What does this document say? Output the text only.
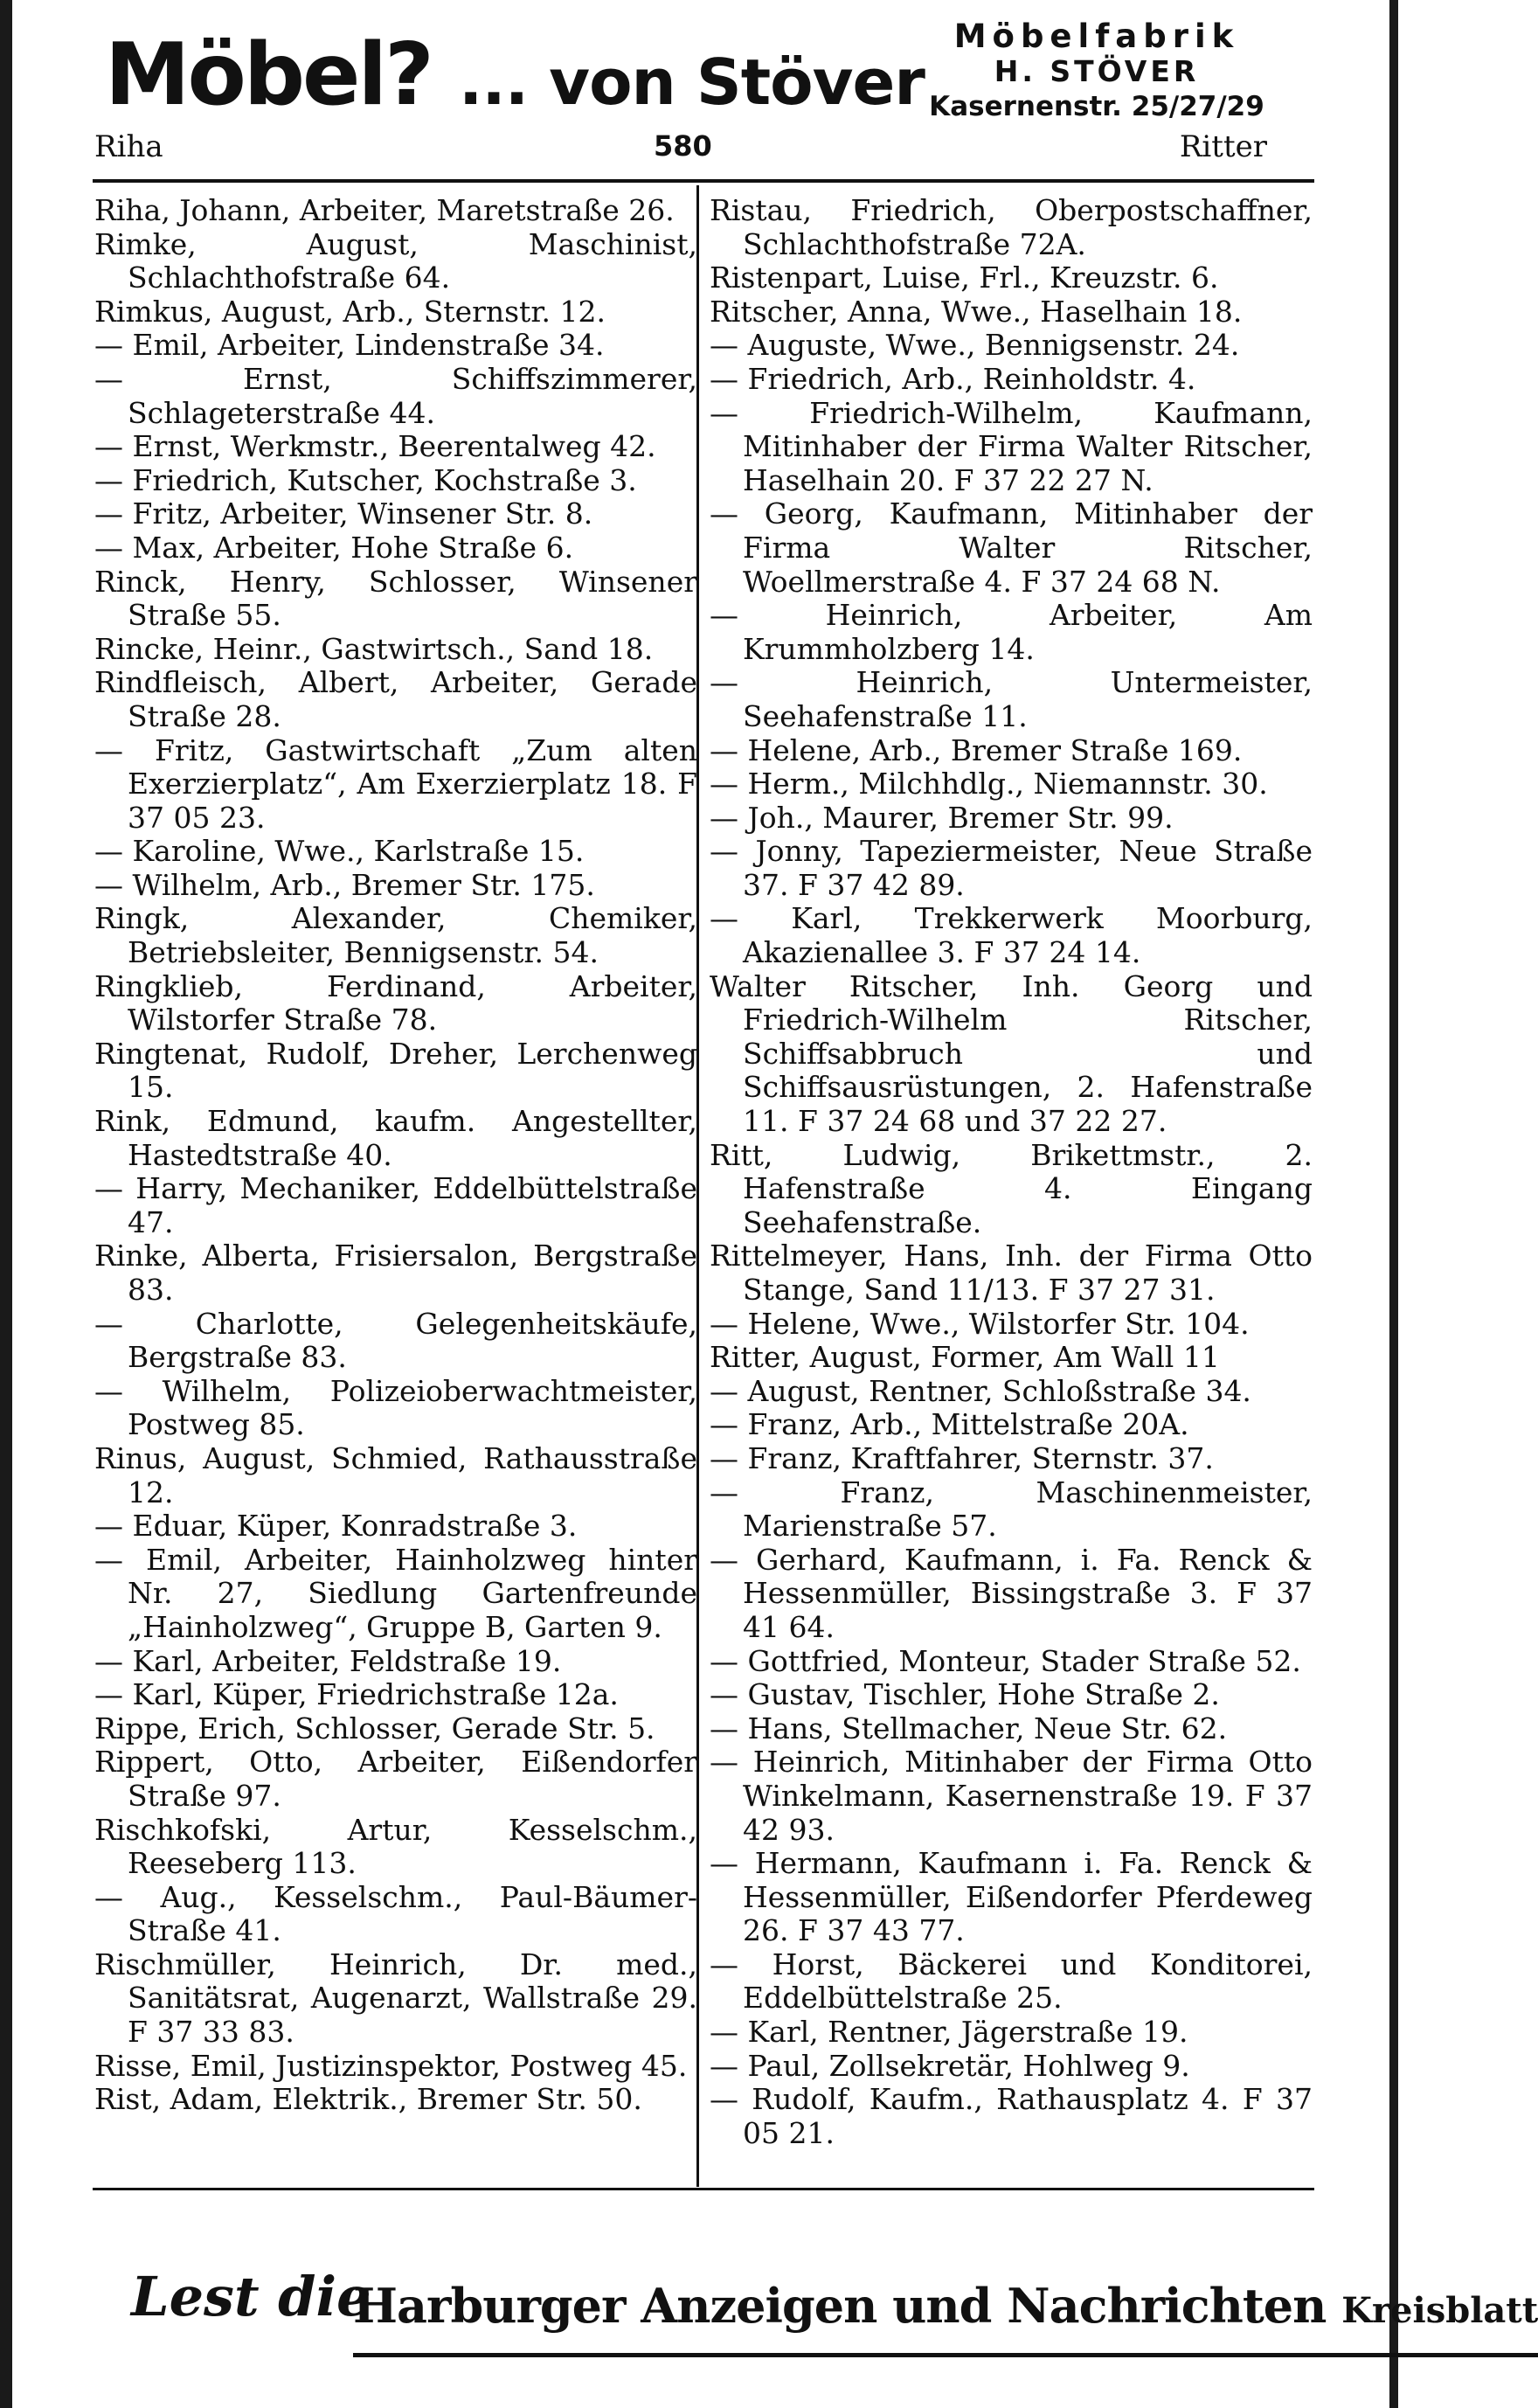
Möbel? ... von Stöver
Möbelfabrik
H. STÖVER
Kasernenstr. 25/27/29
Riha	580	Ritter
Riha, Johann, Arbeiter, Maretstraße 26.
Rimke, August, Maschinist, Schlachthofstraße 64.
Rimkus, August, Arb., Sternstr. 12.
— Emil, Arbeiter, Lindenstraße 34.
— Ernst, Schiffszimmerer, Schlageterstraße 44.
— Ernst, Werkmstr., Beerentalweg 42.
— Friedrich, Kutscher, Kochstraße 3.
— Fritz, Arbeiter, Winsener Str. 8.
— Max, Arbeiter, Hohe Straße 6.
Rinck, Henry, Schlosser, Winsener Straße 55.
Rincke, Heinr., Gastwirtsch., Sand 18.
Rindfleisch, Albert, Arbeiter, Gerade Straße 28.
— Fritz, Gastwirtschaft „Zum alten Exerzierplatz“, Am Exerzierplatz 18. F 37 05 23.
— Karoline, Wwe., Karlstraße 15.
— Wilhelm, Arb., Bremer Str. 175.
Ringk, Alexander, Chemiker, Betriebsleiter, Bennigsenstr. 54.
Ringklieb, Ferdinand, Arbeiter, Wilstorfer Straße 78.
Ringtenat, Rudolf, Dreher, Lerchenweg 15.
Rink, Edmund, kaufm. Angestellter, Hastedtstraße 40.
— Harry, Mechaniker, Eddelbüttelstraße 47.
Rinke, Alberta, Frisiersalon, Bergstraße 83.
— Charlotte, Gelegenheitskäufe, Bergstraße 83.
— Wilhelm, Polizeioberwachtmeister, Postweg 85.
Rinus, August, Schmied, Rathausstraße 12.
— Eduar, Küper, Konradstraße 3.
— Emil, Arbeiter, Hainholzweg hinter Nr. 27, Siedlung Gartenfreunde „Hainholzweg“, Gruppe B, Garten 9.
— Karl, Arbeiter, Feldstraße 19.
— Karl, Küper, Friedrichstraße 12a.
Rippe, Erich, Schlosser, Gerade Str. 5.
Rippert, Otto, Arbeiter, Eißendorfer Straße 97.
Rischkofski, Artur, Kesselschm., Reeseberg 113.
— Aug., Kesselschm., Paul-Bäumer-Straße 41.
Rischmüller, Heinrich, Dr. med., Sanitätsrat, Augenarzt, Wallstraße 29. F 37 33 83.
Risse, Emil, Justizinspektor, Postweg 45.
Rist, Adam, Elektrik., Bremer Str. 50.
Ristau, Friedrich, Oberpostschaffner, Schlachthofstraße 72A.
Ristenpart, Luise, Frl., Kreuzstr. 6.
Ritscher, Anna, Wwe., Haselhain 18.
— Auguste, Wwe., Bennigsenstr. 24.
— Friedrich, Arb., Reinholdstr. 4.
— Friedrich-Wilhelm, Kaufmann, Mitinhaber der Firma Walter Ritscher, Haselhain 20. F 37 22 27 N.
— Georg, Kaufmann, Mitinhaber der Firma Walter Ritscher, Woellmerstraße 4. F 37 24 68 N.
— Heinrich, Arbeiter, Am Krummholzberg 14.
— Heinrich, Untermeister, Seehafenstraße 11.
— Helene, Arb., Bremer Straße 169.
— Herm., Milchhdlg., Niemannstr. 30.
— Joh., Maurer, Bremer Str. 99.
— Jonny, Tapeziermeister, Neue Straße 37. F 37 42 89.
— Karl, Trekkerwerk Moorburg, Akazienallee 3. F 37 24 14.
Walter Ritscher, Inh. Georg und Friedrich-Wilhelm Ritscher, Schiffsabbruch und Schiffsausrüstungen, 2. Hafenstraße 11. F 37 24 68 und 37 22 27.
Ritt, Ludwig, Brikettmstr., 2. Hafenstraße 4. Eingang Seehafenstraße.
Rittelmeyer, Hans, Inh. der Firma Otto Stange, Sand 11/13. F 37 27 31.
— Helene, Wwe., Wilstorfer Str. 104.
Ritter, August, Former, Am Wall 11
— August, Rentner, Schloßstraße 34.
— Franz, Arb., Mittelstraße 20A.
— Franz, Kraftfahrer, Sternstr. 37.
— Franz, Maschinenmeister, Marienstraße 57.
— Gerhard, Kaufmann, i. Fa. Renck & Hessenmüller, Bissingstraße 3. F 37 41 64.
— Gottfried, Monteur, Stader Straße 52.
— Gustav, Tischler, Hohe Straße 2.
— Hans, Stellmacher, Neue Str. 62.
— Heinrich, Mitinhaber der Firma Otto Winkelmann, Kasernenstraße 19. F 37 42 93.
— Hermann, Kaufmann i. Fa. Renck & Hessenmüller, Eißendorfer Pferdeweg 26. F 37 43 77.
— Horst, Bäckerei und Konditorei, Eddelbüttelstraße 25.
— Karl, Rentner, Jägerstraße 19.
— Paul, Zollsekretär, Hohlweg 9.
— Rudolf, Kaufm., Rathausplatz 4. F 37 05 21.
Lest die
Harburger Anzeigen und Nachrichten Kreisblatt
